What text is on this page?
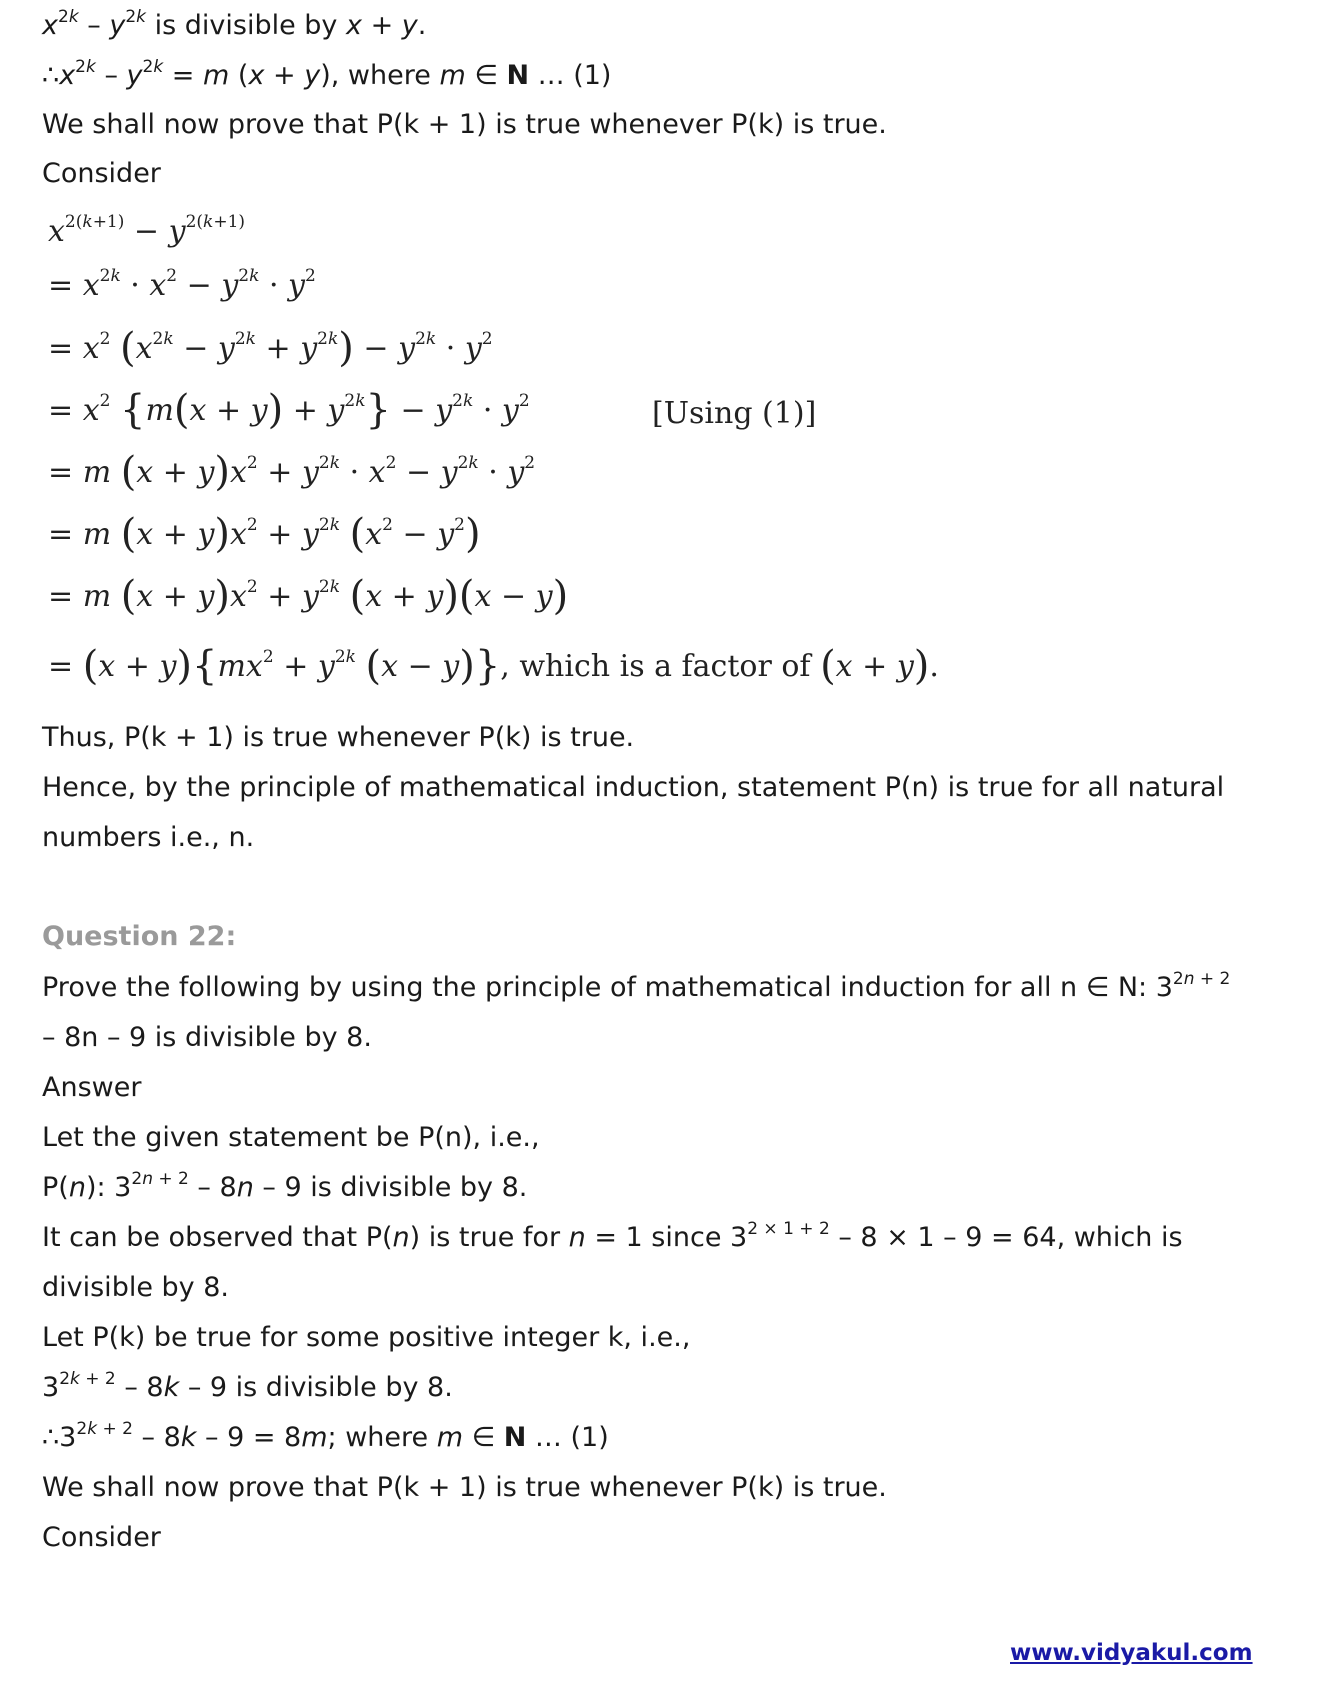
$x^{2k} - y^{2k}$ is divisible by x + y.
$\therefore x^{2k} - y^{2k} = m$ (x + y), where m ∈ N … (1)
We shall now prove that P(k + 1) is true whenever P(k) is true.
Consider
$x^{2(k+1)} - y^{2(k+1)}$
= $x^{2k} \cdot x^2 - y^{2k} \cdot y^2$
= $x^2$ $(x^{2k} - y^{2k} + y^{2k}) - y^{2k} \cdot y^2$
= $x^2$ $\{m(x + y) + y^{2k}\} - y^{2k} \cdot y^2$	[Using (1)]
= m $(x + y)x^2 + y^{2k} \cdot x^2 - y^{2k} \cdot y^2$
= m $(x + y)x^2 + y^{2k}$ $(x^2 - y^2)$
= m $(x + y)x^2 + y^{2k}$ (x + y)(x − y)
= $(x + y)\{mx^2 + y^{2k}$ (x − y)}, which is a factor of (x + y).
Thus, P(k + 1) is true whenever P(k) is true.
Hence, by the principle of mathematical induction, statement P(n) is true for all natural
numbers i.e., n.
Question 22:
Prove the following by using the principle of mathematical induction for all n ∈ N: $3^{2n + 2}$
– 8n – 9 is divisible by 8.
Answer
Let the given statement be P(n), i.e.,
P(n): $3^{2n + 2} - 8n - 9$ is divisible by 8.
It can be observed that P(n) is true for n = 1 since $3^{2 \times 1 + 2} - 8 \times 1 - 9 = 64$, which is
divisible by 8.
Let P(k) be true for some positive integer k, i.e.,
$3^{2k + 2} - 8k - 9$ is divisible by 8.
$\therefore 3^{2k + 2} - 8k - 9 = 8m$; where m ∈ N … (1)
We shall now prove that P(k + 1) is true whenever P(k) is true.
Consider
www.vidyakul.com
